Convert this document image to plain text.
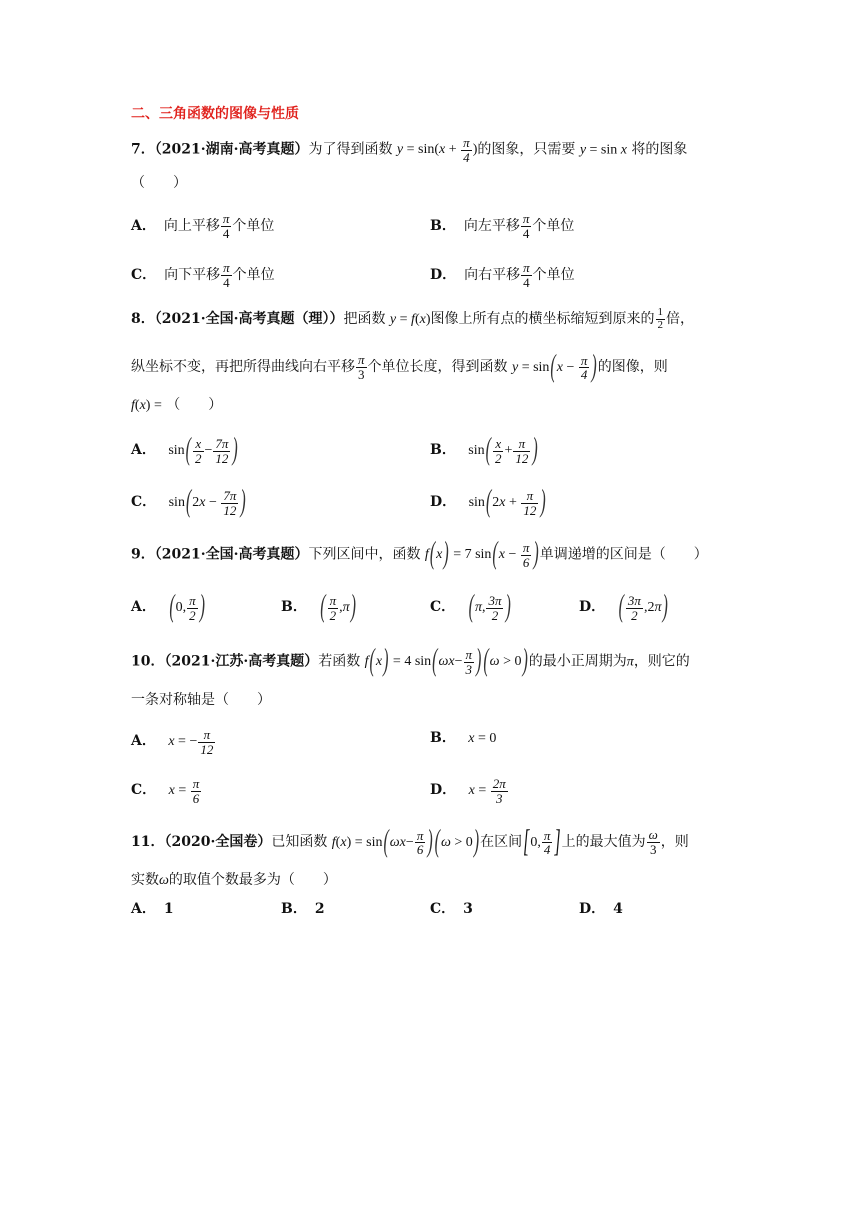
二、三角函数的图像与性质
7．（2021·湖南·高考真题）为了得到函数 $y = \sin(x + \frac{\pi}{4}$ )的图象，只需要 y = sin x 将的图象
（　　）
A． 向上平移 $\frac{\pi}{4}$ 个单位	B． 向左平移 $\frac{\pi}{4}$ 个单位
C． 向下平移 $\frac{\pi}{4}$ 个单位	D． 向右平移 $\frac{\pi}{4}$ 个单位
8．（2021·全国·高考真题（理））把函数 y = f(x)图像上所有点的横坐标缩短到原来的 $\frac{1}{2}$ 倍，
纵坐标不变，再把所得曲线向右平移 $\frac{\pi}{3}$ 个单位长度，得到函数 $y = \sin(x - \frac{\pi}{4}$ )的图像，则
f(x) = （　　）
A． $\sin( \frac{x}{2} - \frac{7\pi}{12}$ )	B． $\sin( \frac{x}{2} + \frac{\pi}{12}$ )
C． $\sin(2x - \frac{7\pi}{12}$ )	D． $\sin(2x + \frac{\pi}{12}$ )
9．（2021·全国·高考真题）下列区间中，函数 f(x) = 7 $\sin(x - \frac{\pi}{6}$ )单调递增的区间是（　　）
A． (0, $\frac{\pi}{2}$ )	B． ( $\frac{\pi}{2} ,\pi$)	C． (π, $\frac{3\pi}{2}$ )	D． ( $\frac{3\pi}{2} ,2\pi$)
10．（2021·江苏·高考真题）若函数 f(x) = 4 $\sin(\omega x- \frac{\pi}{3}$ ) (ω > 0)的最小正周期为π，则它的
一条对称轴是（　　）
A． x = − $\frac{\pi}{12}$	B． x = 0
C． $x = \frac{\pi}{6}$	D． $x = \frac{2\pi}{3}$
11．（2020·全国卷）已知函数 $f(x) = \sin(\omega x- \frac{\pi}{6}$ ) (ω > 0)在区间[0, $\frac{\pi}{4}$ ]上的最大值为 $\frac{\omega}{3}$ ，则
实数ω的取值个数最多为（　　）
A． 1	B． 2	C． 3	D． 4
